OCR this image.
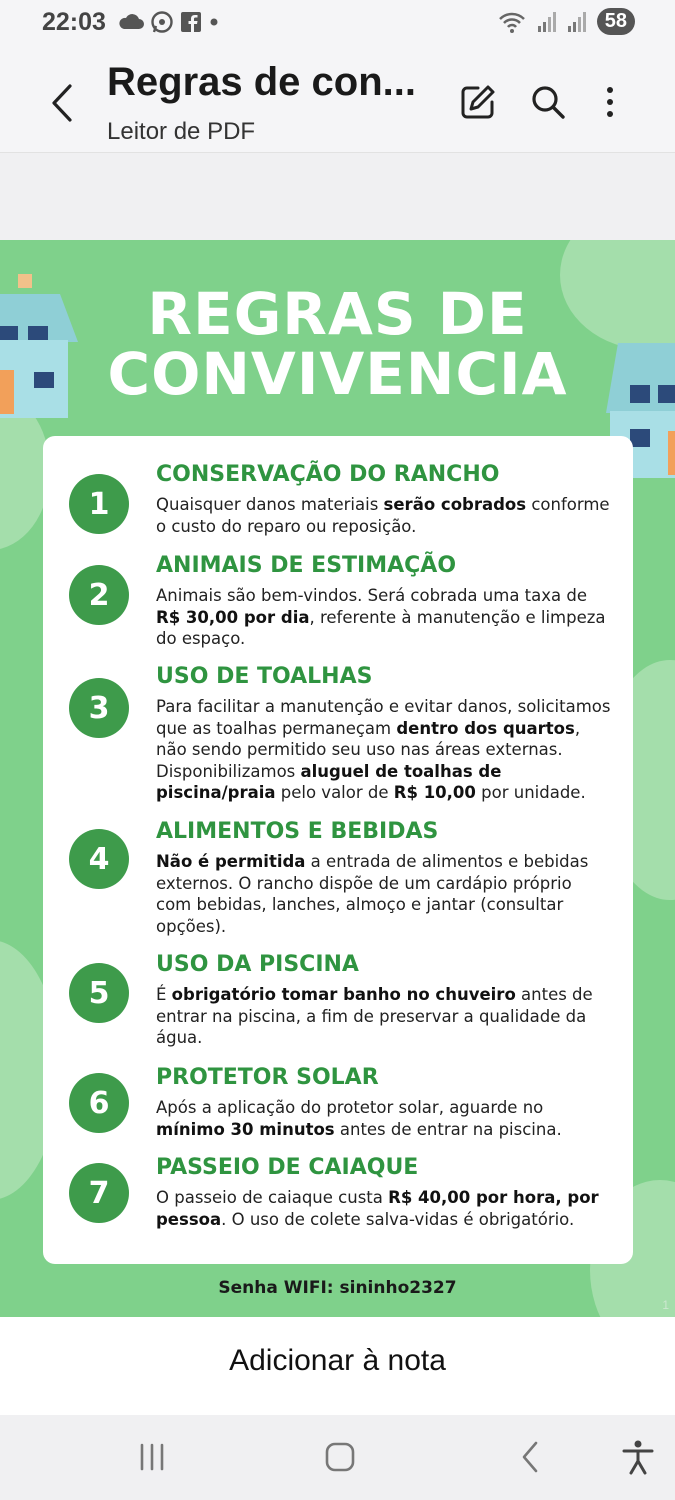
22:03	58
Regras de con...
Leitor de PDF
REGRAS DE
CONVIVENCIA
1
CONSERVAÇÃO DO RANCHO
Quaisquer danos materiais serão cobrados conforme o custo do reparo ou reposição.
2
ANIMAIS DE ESTIMAÇÃO
Animais são bem-vindos. Será cobrada uma taxa de R$ 30,00 por dia, referente à manutenção e limpeza do espaço.
3
USO DE TOALHAS
Para facilitar a manutenção e evitar danos, solicitamos que as toalhas permaneçam dentro dos quartos, não sendo permitido seu uso nas áreas externas. Disponibilizamos aluguel de toalhas de piscina/praia pelo valor de R$ 10,00 por unidade.
4
ALIMENTOS E BEBIDAS
Não é permitida a entrada de alimentos e bebidas externos. O rancho dispõe de um cardápio próprio com bebidas, lanches, almoço e jantar (consultar opções).
5
USO DA PISCINA
É obrigatório tomar banho no chuveiro antes de entrar na piscina, a fim de preservar a qualidade da água.
6
PROTETOR SOLAR
Após a aplicação do protetor solar, aguarde no mínimo 30 minutos antes de entrar na piscina.
7
PASSEIO DE CAIAQUE
O passeio de caiaque custa R$ 40,00 por hora, por pessoa. O uso de colete salva-vidas é obrigatório.
Senha WIFI: sininho2327
1
Adicionar à nota
